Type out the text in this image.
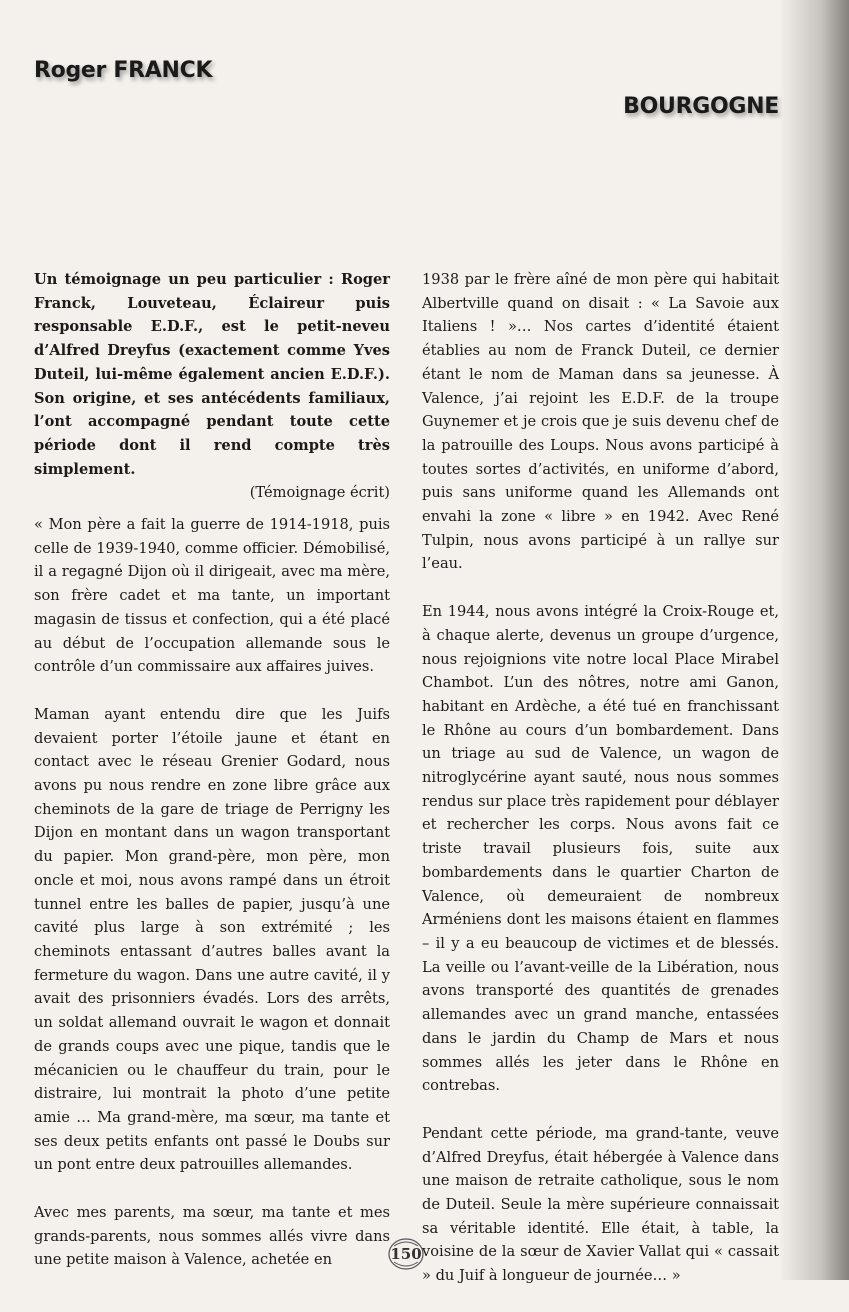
Roger FRANCK
BOURGOGNE

Un témoignage un peu particulier : Roger Franck, Louveteau, Éclaireur puis responsable E.D.F., est le petit-neveu d’Alfred Dreyfus (exactement comme Yves Duteil, lui-même également ancien E.D.F.). Son origine, et ses antécédents familiaux, l’ont accompagné pendant toute cette période dont il rend compte très simplement.

(Témoignage écrit)

« Mon père a fait la guerre de 1914-1918, puis celle de 1939-1940, comme officier. Démobilisé, il a regagné Dijon où il dirigeait, avec ma mère, son frère cadet et ma tante, un important magasin de tissus et confection, qui a été placé au début de l’occupation allemande sous le contrôle d’un commissaire aux affaires juives.

Maman ayant entendu dire que les Juifs devaient porter l’étoile jaune et étant en contact avec le réseau Grenier Godard, nous avons pu nous rendre en zone libre grâce aux cheminots de la gare de triage de Perrigny les Dijon en montant dans un wagon transportant du papier. Mon grand-père, mon père, mon oncle et moi, nous avons rampé dans un étroit tunnel entre les balles de papier, jusqu’à une cavité plus large à son extrémité ; les cheminots entassant d’autres balles avant la fermeture du wagon. Dans une autre cavité, il y avait des prisonniers évadés. Lors des arrêts, un soldat allemand ouvrait le wagon et donnait de grands coups avec une pique, tandis que le mécanicien ou le chauffeur du train, pour le distraire, lui montrait la photo d’une petite amie … Ma grand-mère, ma sœur, ma tante et ses deux petits enfants ont passé le Doubs sur un pont entre deux patrouilles allemandes.

Avec mes parents, ma sœur, ma tante et mes grands-parents, nous sommes allés vivre dans une petite maison à Valence, achetée en

1938 par le frère aîné de mon père qui habitait Albertville quand on disait : « La Savoie aux Italiens ! »… Nos cartes d’identité étaient établies au nom de Franck Duteil, ce dernier étant le nom de Maman dans sa jeunesse. À Valence, j’ai rejoint les E.D.F. de la troupe Guynemer et je crois que je suis devenu chef de la patrouille des Loups. Nous avons participé à toutes sortes d’activités, en uniforme d’abord, puis sans uniforme quand les Allemands ont envahi la zone « libre » en 1942. Avec René Tulpin, nous avons participé à un rallye sur l’eau.

En 1944, nous avons intégré la Croix-Rouge et, à chaque alerte, devenus un groupe d’urgence, nous rejoignions vite notre local Place Mirabel Chambot. L’un des nôtres, notre ami Ganon, habitant en Ardèche, a été tué en franchissant le Rhône au cours d’un bombardement. Dans un triage au sud de Valence, un wagon de nitroglycérine ayant sauté, nous nous sommes rendus sur place très rapidement pour déblayer et rechercher les corps. Nous avons fait ce triste travail plusieurs fois, suite aux bombardements dans le quartier Charton de Valence, où demeuraient de nombreux Arméniens dont les maisons étaient en flammes – il y a eu beaucoup de victimes et de blessés. La veille ou l’avant-veille de la Libération, nous avons transporté des quantités de grenades allemandes avec un grand manche, entassées dans le jardin du Champ de Mars et nous sommes allés les jeter dans le Rhône en contrebas.

Pendant cette période, ma grand-tante, veuve d’Alfred Dreyfus, était hébergée à Valence dans une maison de retraite catholique, sous le nom de Duteil. Seule la mère supérieure connaissait sa véritable identité. Elle était, à table, la voisine de la sœur de Xavier Vallat qui « cassait » du Juif à longueur de journée… »

150
